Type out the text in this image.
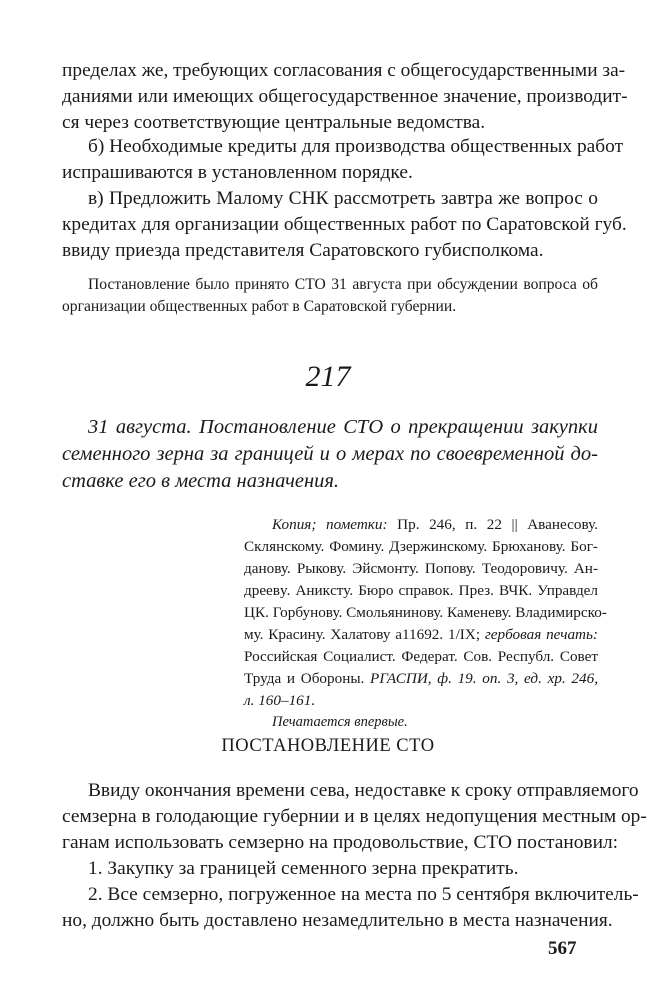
пределах же, требующих согласования с общегосударственными за-
даниями или имеющих общегосударственное значение, производит-
ся через соответствующие центральные ведомства.
б) Необходимые кредиты для производства общественных работ
испрашиваются в установленном порядке.
в) Предложить Малому СНК рассмотреть завтра же вопрос о
кредитах для организации общественных работ по Саратовской губ.
ввиду приезда представителя Саратовского губисполкома.
Постановление было принято СТО 31 августа при обсуждении вопроса об
организации общественных работ в Саратовской губернии.
217
31 августа. Постановление СТО о прекращении закупки
семенного зерна за границей и о мерах по своевременной до-
ставке его в места назначения.
Копия; пометки: Пр. 246, п. 22 || Аванесову.
Склянскому. Фомину. Дзержинскому. Брюханову. Бог-
данову. Рыкову. Эйсмонту. Попову. Теодоровичу. Ан-
дреевy. Аникcту. Бюро справок. През. ВЧК. Управдел
ЦК. Горбунову. Смольянинову. Каменеву. Владимирско-
му. Красину. Халатову а11692. 1/IX; гербовая печать:
Российская Социалист. Федерат. Сов. Республ. Совет
Труда и Обороны. РГАСПИ, ф. 19. оп. 3, ед. хр. 246,
л. 160–161.
Печатается впервые.
ПОСТАНОВЛЕНИЕ СТО
Ввиду окончания времени сева, недоставке к сроку отправляемого
семзерна в голодающие губернии и в целях недопущения местным ор-
ганам использовать семзерно на продовольствие, СТО постановил:
1. Закупку за границей семенного зерна прекратить.
2. Все семзерно, погруженное на места по 5 сентября включитель-
но, должно быть доставлено незамедлительно в места назначения.
567
